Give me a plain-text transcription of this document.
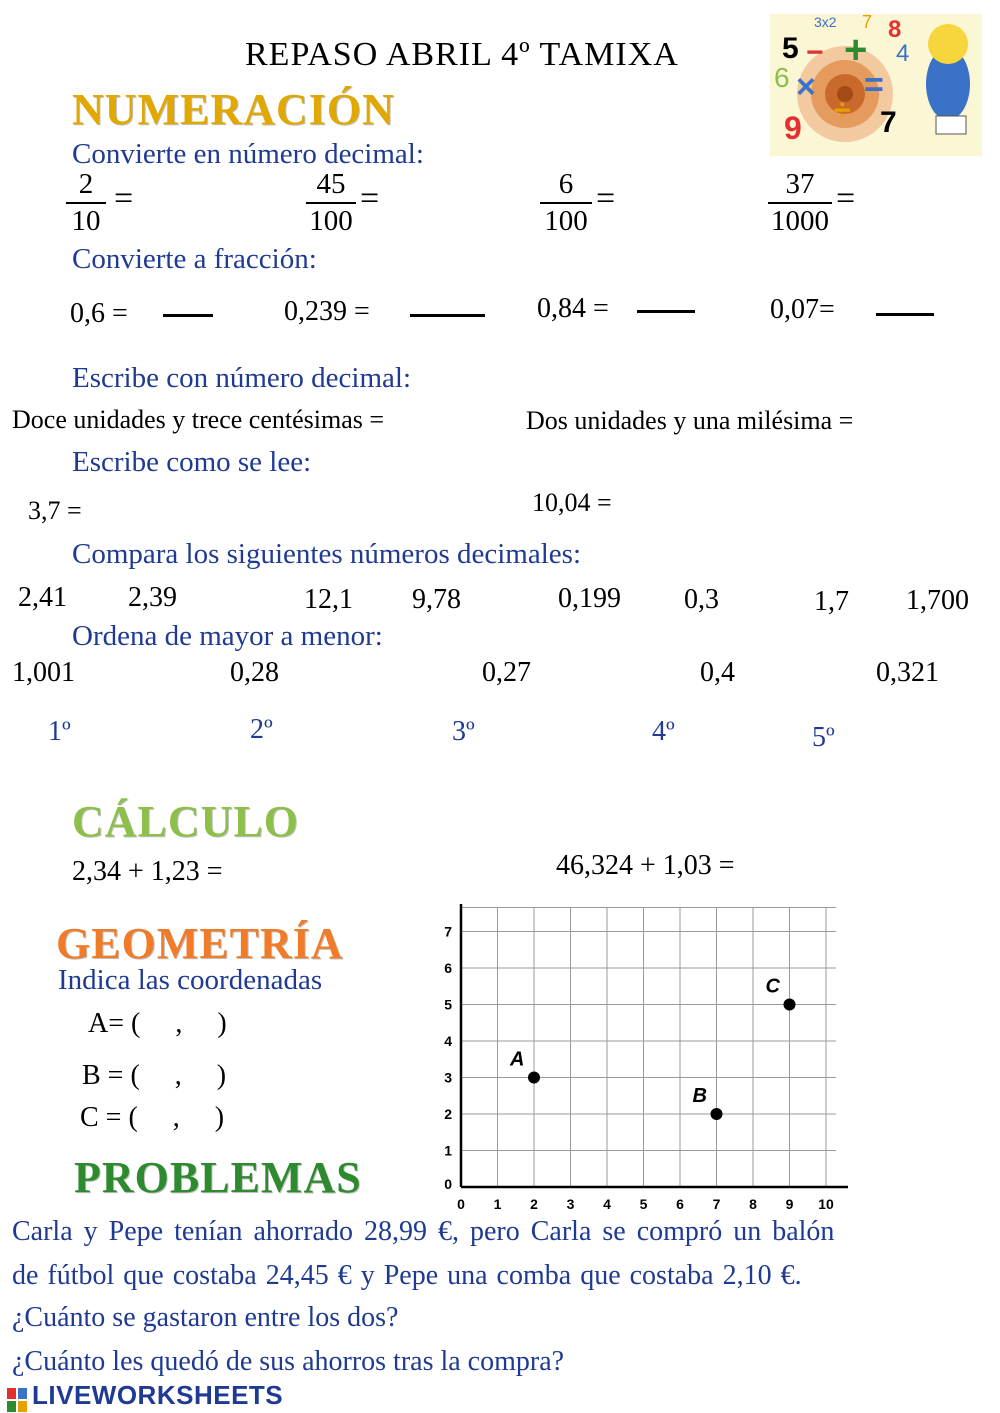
REPASO ABRIL 4º TAMIXA
3x2 7 8
5 − + 4
6 × =
÷
9	7
NUMERACIÓN
Convierte en número decimal:
2
10
=	45
100
=	6
100
=	37
1000
=
Convierte a fracción:
0,6 =	0,239 =	0,84 =	0,07=
Escribe con número decimal:
Doce unidades y trece centésimas =	Dos unidades y una milésima =
Escribe como se lee:
3,7 =	10,04 =
Compara los siguientes números decimales:
2,41 2,39	12,1 9,78	0,199 0,3	1,7 1,700
Ordena de mayor a menor:
1,001	0,28	0,27	0,4	0,321
1º	2º	3º	4º	5º
CÁLCULO
2,34 + 1,23 =	46,324 + 1,03 =
GEOMETRÍA
Indica las coordenadas
A= (     ,     )
B = (     ,     )
C = (     ,     )
0 1 2 3 4 5 6 7 8 9 10
1
2
3
4
5
6
7
0
A
B
C
PROBLEMAS
Carla y Pepe tenían ahorrado 28,99 €, pero Carla se compró un balón
de fútbol que costaba 24,45 € y Pepe una comba que costaba 2,10 €.
¿Cuánto se gastaron entre los dos?
¿Cuánto les quedó de sus ahorros tras la compra?
LIVEWORKSHEETS
